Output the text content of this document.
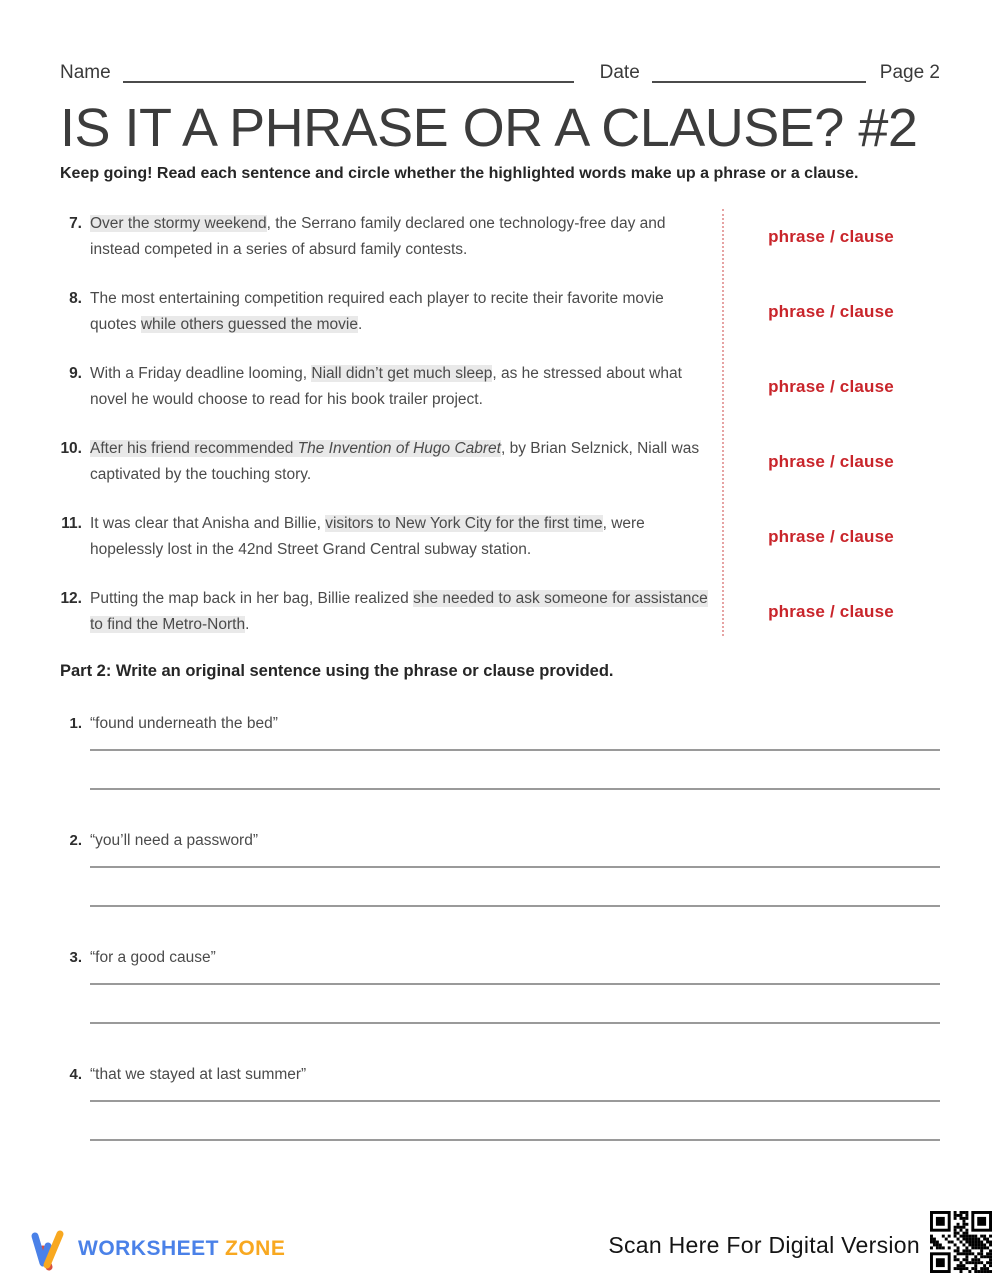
Name	Date	Page 2
IS IT A PHRASE OR A CLAUSE? #2

Keep going! Read each sentence and circle whether the highlighted words make up a phrase or a clause.

7. Over the stormy weekend, the Serrano family declared one technology-free day and instead competed in a series of absurd family contests.

phrase / clause
8. The most entertaining competition required each player to recite their favorite movie quotes while others guessed the movie.

phrase / clause
9. With a Friday deadline looming, Niall didn’t get much sleep, as he stressed about what novel he would choose to read for his book trailer project.

phrase / clause
10. After his friend recommended The Invention of Hugo Cabret, by Brian Selznick, Niall was captivated by the touching story.

phrase / clause
11. It was clear that Anisha and Billie, visitors to New York City for the first time, were hopelessly lost in the 42nd Street Grand Central subway station.

phrase / clause
12. Putting the map back in her bag, Billie realized she needed to ask someone for assistance to find the Metro-North.

phrase / clause
Part 2: Write an original sentence using the phrase or clause provided.
1. “found underneath the bed”

2. “you’ll need a password”

3. “for a good cause”

4. “that we stayed at last summer”

WORKSHEET ZONE	Scan Here For Digital Version
